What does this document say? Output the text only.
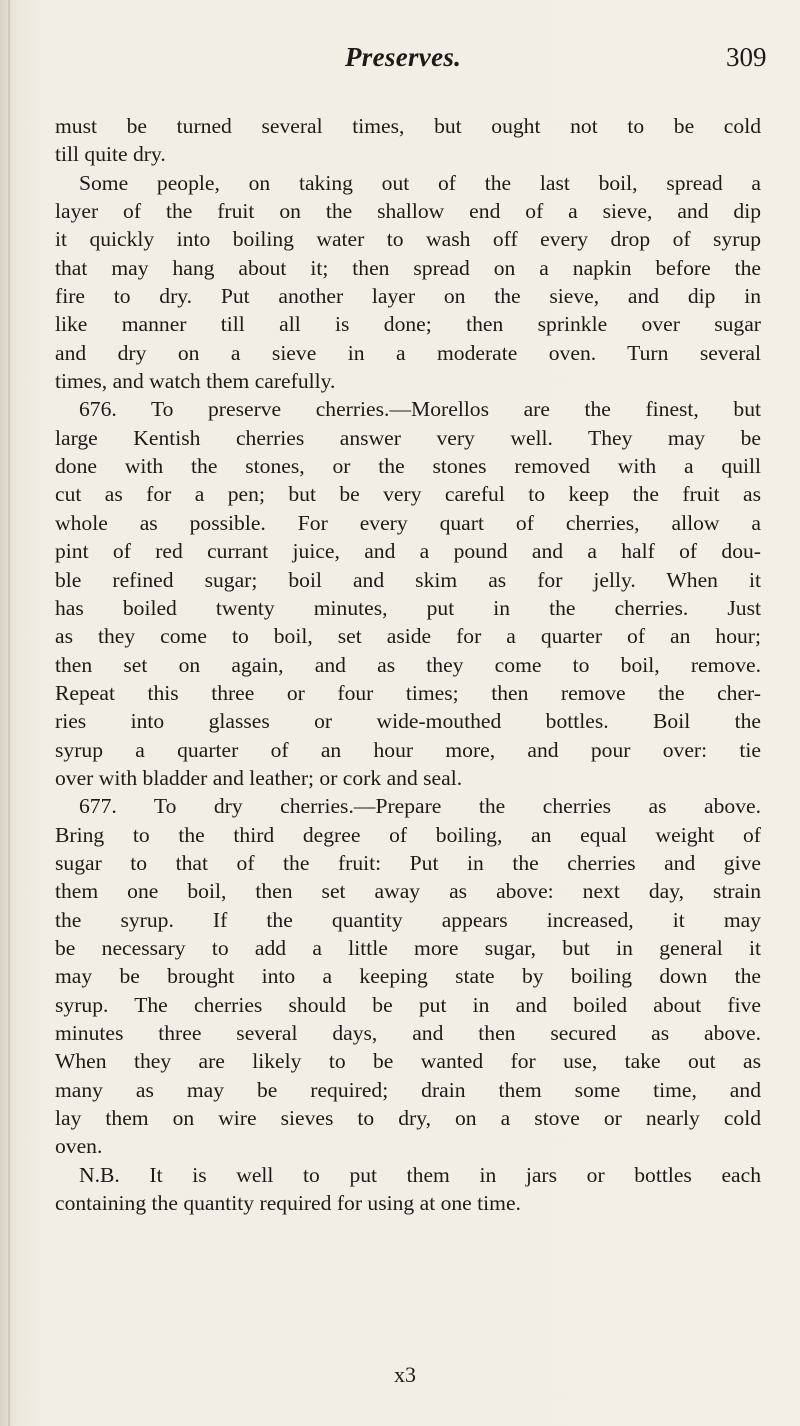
Preserves.	309
must be turned several times, but ought not to be cold
till quite dry.
Some people, on taking out of the last boil, spread a
layer of the fruit on the shallow end of a sieve, and dip
it quickly into boiling water to wash off every drop of syrup
that may hang about it; then spread on a napkin before the
fire to dry. Put another layer on the sieve, and dip in
like manner till all is done; then sprinkle over sugar
and dry on a sieve in a moderate oven. Turn several
times, and watch them carefully.
676. To preserve cherries.—Morellos are the finest, but
large Kentish cherries answer very well. They may be
done with the stones, or the stones removed with a quill
cut as for a pen; but be very careful to keep the fruit as
whole as possible. For every quart of cherries, allow a
pint of red currant juice, and a pound and a half of dou-
ble refined sugar; boil and skim as for jelly. When it
has boiled twenty minutes, put in the cherries. Just
as they come to boil, set aside for a quarter of an hour;
then set on again, and as they come to boil, remove.
Repeat this three or four times; then remove the cher-
ries into glasses or wide-mouthed bottles. Boil the
syrup a quarter of an hour more, and pour over: tie
over with bladder and leather; or cork and seal.
677. To dry cherries.—Prepare the cherries as above.
Bring to the third degree of boiling, an equal weight of
sugar to that of the fruit: Put in the cherries and give
them one boil, then set away as above: next day, strain
the syrup. If the quantity appears increased, it may
be necessary to add a little more sugar, but in general it
may be brought into a keeping state by boiling down the
syrup. The cherries should be put in and boiled about five
minutes three several days, and then secured as above.
When they are likely to be wanted for use, take out as
many as may be required; drain them some time, and
lay them on wire sieves to dry, on a stove or nearly cold
oven.
N.B. It is well to put them in jars or bottles each
containing the quantity required for using at one time.
x3
